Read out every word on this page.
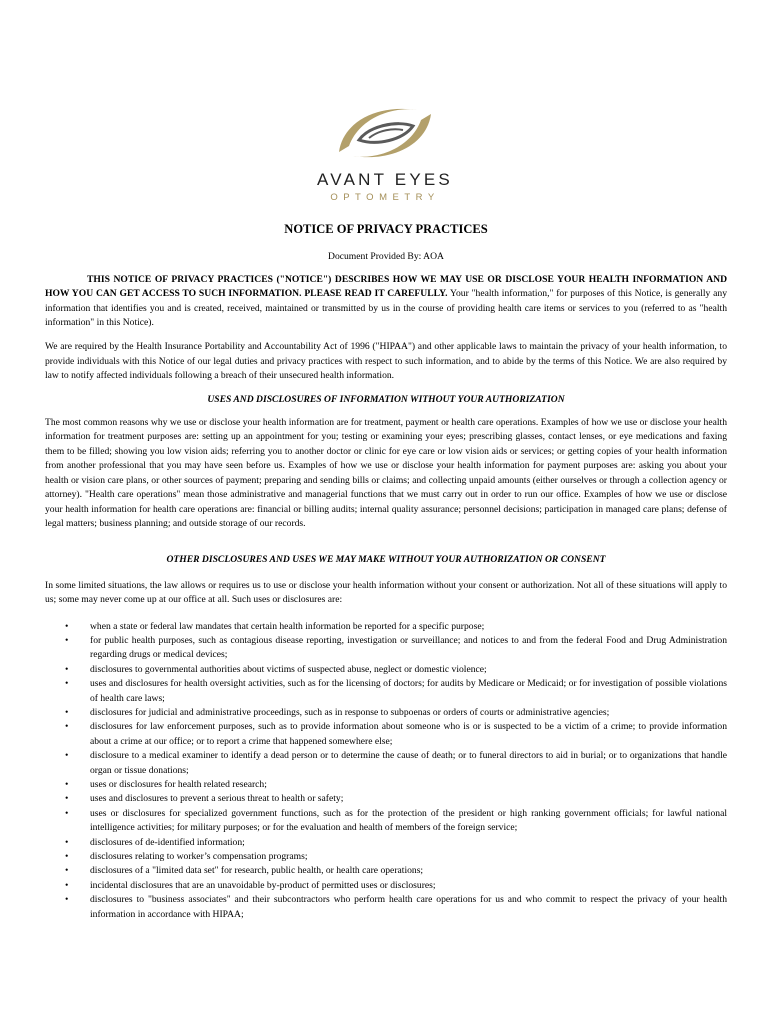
AVANT EYES
OPTOMETRY
NOTICE OF PRIVACY PRACTICES
Document Provided By: AOA

THIS NOTICE OF PRIVACY PRACTICES ("NOTICE") DESCRIBES HOW WE MAY USE OR DISCLOSE YOUR HEALTH INFORMATION AND HOW YOU CAN GET ACCESS TO SUCH INFORMATION. PLEASE READ IT CAREFULLY. Your "health information," for purposes of this Notice, is generally any information that identifies you and is created, received, maintained or transmitted by us in the course of providing health care items or services to you (referred to as "health information" in this Notice).

We are required by the Health Insurance Portability and Accountability Act of 1996 ("HIPAA") and other applicable laws to maintain the privacy of your health information, to provide individuals with this Notice of our legal duties and privacy practices with respect to such information, and to abide by the terms of this Notice. We are also required by law to notify affected individuals following a breach of their unsecured health information.

USES AND DISCLOSURES OF INFORMATION WITHOUT YOUR AUTHORIZATION

The most common reasons why we use or disclose your health information are for treatment, payment or health care operations. Examples of how we use or disclose your health information for treatment purposes are: setting up an appointment for you; testing or examining your eyes; prescribing glasses, contact lenses, or eye medications and faxing them to be filled; showing you low vision aids; referring you to another doctor or clinic for eye care or low vision aids or services; or getting copies of your health information from another professional that you may have seen before us. Examples of how we use or disclose your health information for payment purposes are: asking you about your health or vision care plans, or other sources of payment; preparing and sending bills or claims; and collecting unpaid amounts (either ourselves or through a collection agency or attorney). "Health care operations" mean those administrative and managerial functions that we must carry out in order to run our office. Examples of how we use or disclose your health information for health care operations are: financial or billing audits; internal quality assurance; personnel decisions; participation in managed care plans; defense of legal matters; business planning; and outside storage of our records.

OTHER DISCLOSURES AND USES WE MAY MAKE WITHOUT YOUR AUTHORIZATION OR CONSENT

In some limited situations, the law allows or requires us to use or disclose your health information without your consent or authorization. Not all of these situations will apply to us; some may never come up at our office at all. Such uses or disclosures are:

• when a state or federal law mandates that certain health information be reported for a specific purpose;
• for public health purposes, such as contagious disease reporting, investigation or surveillance; and notices to and from the federal Food and Drug Administration regarding drugs or medical devices;
• disclosures to governmental authorities about victims of suspected abuse, neglect or domestic violence;
• uses and disclosures for health oversight activities, such as for the licensing of doctors; for audits by Medicare or Medicaid; or for investigation of possible violations of health care laws;
• disclosures for judicial and administrative proceedings, such as in response to subpoenas or orders of courts or administrative agencies;
• disclosures for law enforcement purposes, such as to provide information about someone who is or is suspected to be a victim of a crime; to provide information about a crime at our office; or to report a crime that happened somewhere else;
• disclosure to a medical examiner to identify a dead person or to determine the cause of death; or to funeral directors to aid in burial; or to organizations that handle organ or tissue donations;
• uses or disclosures for health related research;
• uses and disclosures to prevent a serious threat to health or safety;
• uses or disclosures for specialized government functions, such as for the protection of the president or high ranking government officials; for lawful national intelligence activities; for military purposes; or for the evaluation and health of members of the foreign service;
• disclosures of de-identified information;
• disclosures relating to worker’s compensation programs;
• disclosures of a "limited data set" for research, public health, or health care operations;
• incidental disclosures that are an unavoidable by-product of permitted uses or disclosures;
• disclosures to "business associates" and their subcontractors who perform health care operations for us and who commit to respect the privacy of your health information in accordance with HIPAA;
